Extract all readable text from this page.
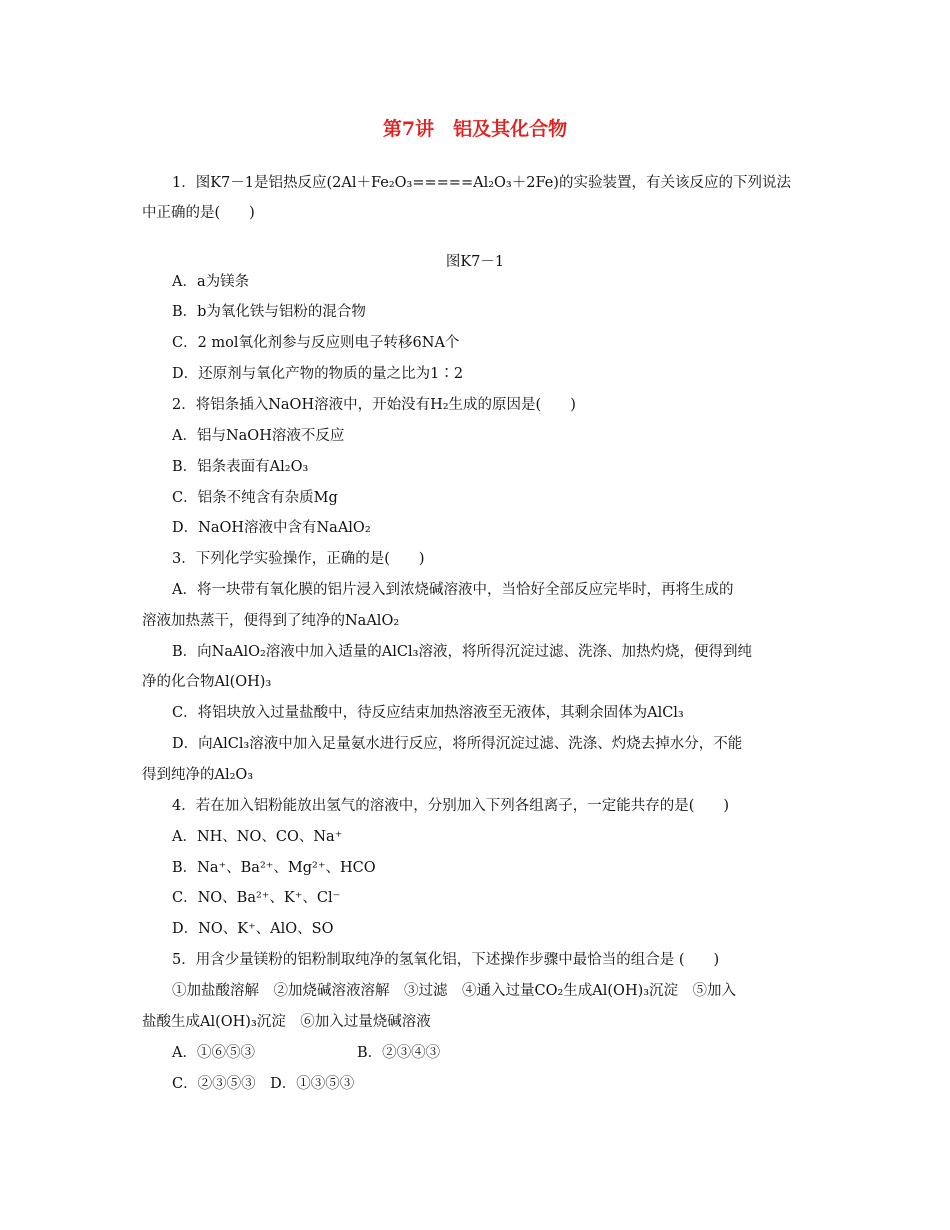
第7讲　铝及其化合物
1．图K7－1是铝热反应(2Al＋Fe₂O₃=====Al₂O₃＋2Fe)的实验装置，有关该反应的下列说法
中正确的是(　　)
图K7－1
A．a为镁条
B．b为氧化铁与铝粉的混合物
C．2 mol氧化剂参与反应则电子转移6NA个
D．还原剂与氧化产物的物质的量之比为1∶2
2．将铝条插入NaOH溶液中，开始没有H₂生成的原因是(　　)
A．铝与NaOH溶液不反应
B．铝条表面有Al₂O₃
C．铝条不纯含有杂质Mg
D．NaOH溶液中含有NaAlO₂
3．下列化学实验操作，正确的是(　　)
A．将一块带有氧化膜的铝片浸入到浓烧碱溶液中，当恰好全部反应完毕时，再将生成的
溶液加热蒸干，便得到了纯净的NaAlO₂
B．向NaAlO₂溶液中加入适量的AlCl₃溶液，将所得沉淀过滤、洗涤、加热灼烧，便得到纯
净的化合物Al(OH)₃
C．将铝块放入过量盐酸中，待反应结束加热溶液至无液体，其剩余固体为AlCl₃
D．向AlCl₃溶液中加入足量氨水进行反应，将所得沉淀过滤、洗涤、灼烧去掉水分，不能
得到纯净的Al₂O₃
4．若在加入铝粉能放出氢气的溶液中，分别加入下列各组离子，一定能共存的是(　　)
A．NH、NO、CO、Na⁺
B．Na⁺、Ba²⁺、Mg²⁺、HCO
C．NO、Ba²⁺、K⁺、Cl⁻
D．NO、K⁺、AlO、SO
5．用含少量镁粉的铝粉制取纯净的氢氧化铝，下述操作步骤中最恰当的组合是 (　　)
①加盐酸溶解　②加烧碱溶液溶解　③过滤　④通入过量CO₂生成Al(OH)₃沉淀　⑤加入
盐酸生成Al(OH)₃沉淀　⑥加入过量烧碱溶液
A．①⑥⑤③	B．②③④③
C．②③⑤③　D．①③⑤③
